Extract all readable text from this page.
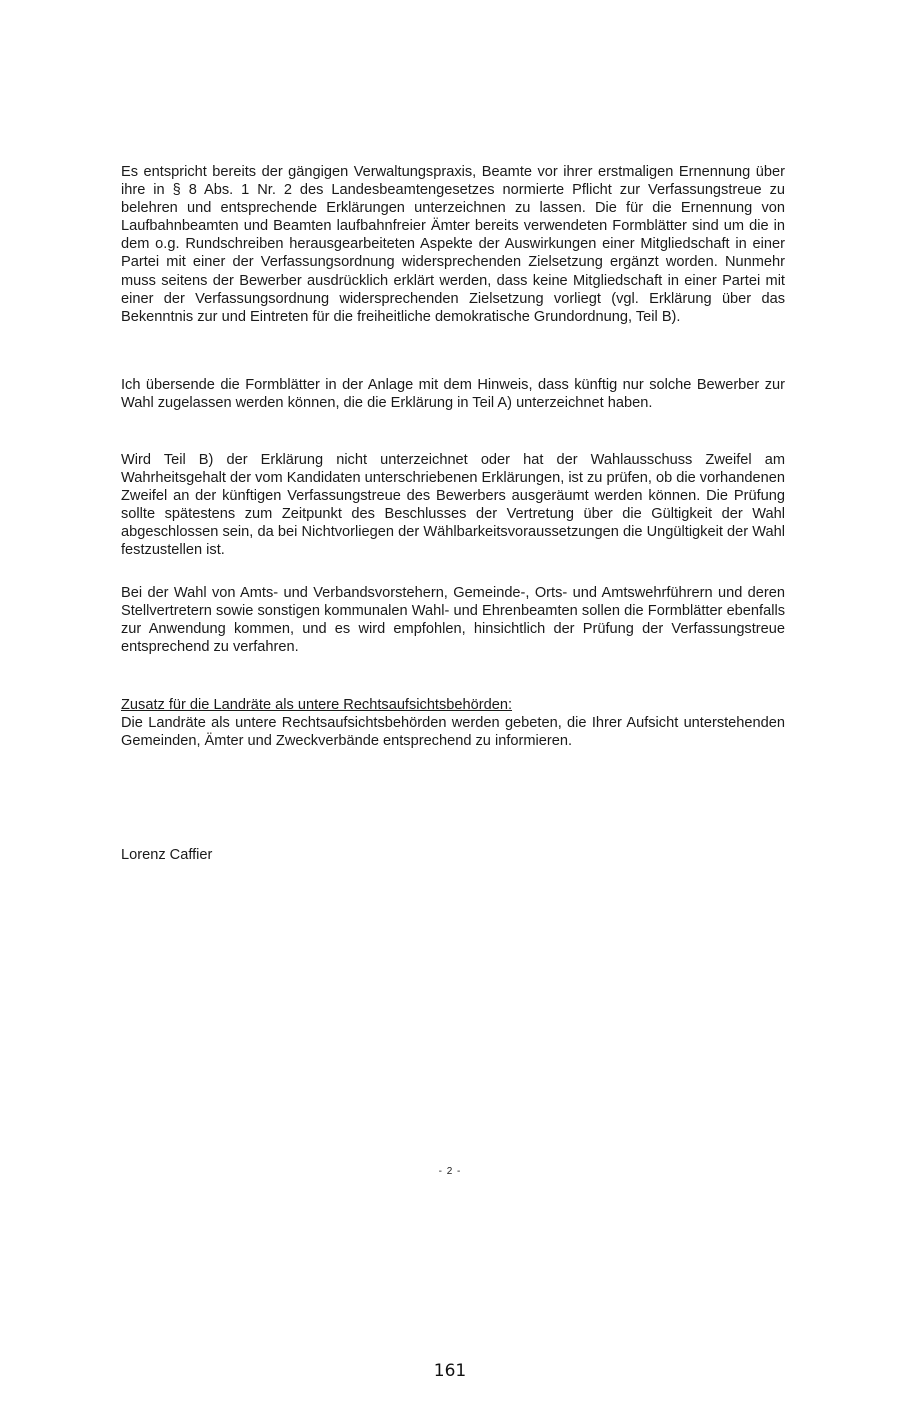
Es entspricht bereits der gängigen Verwaltungspraxis, Beamte vor ihrer erstmaligen Ernennung über ihre in § 8 Abs. 1 Nr. 2 des Landesbeamtengesetzes normierte Pflicht zur Verfassungstreue zu belehren und entsprechende Erklärungen unterzeichnen zu lassen. Die für die Ernennung von Laufbahnbeamten und Beamten laufbahnfreier Ämter bereits verwendeten Formblätter sind um die in dem o.g. Rundschreiben herausgearbeiteten Aspekte der Auswirkungen einer Mitgliedschaft in einer Partei mit einer der Verfassungsordnung widersprechenden Zielsetzung ergänzt worden. Nunmehr muss seitens der Bewerber ausdrücklich erklärt werden, dass keine Mitgliedschaft in einer Partei mit einer der Verfassungsordnung widersprechenden Zielsetzung vorliegt (vgl. Erklärung über das Bekenntnis zur und Eintreten für die freiheitliche demokratische Grundordnung, Teil B).

Ich übersende die Formblätter in der Anlage mit dem Hinweis, dass künftig nur solche Bewerber zur Wahl zugelassen werden können, die die Erklärung in Teil A) unterzeichnet haben.

Wird Teil B) der Erklärung nicht unterzeichnet oder hat der Wahlausschuss Zweifel am Wahrheitsgehalt der vom Kandidaten unterschriebenen Erklärungen, ist zu prüfen, ob die vorhandenen Zweifel an der künftigen Verfassungstreue des Bewerbers ausgeräumt werden können. Die Prüfung sollte spätestens zum Zeitpunkt des Beschlusses der Vertretung über die Gültigkeit der Wahl abgeschlossen sein, da bei Nichtvorliegen der Wählbarkeitsvoraussetzungen die Ungültigkeit der Wahl festzustellen ist.

Bei der Wahl von Amts- und Verbandsvorstehern, Gemeinde-, Orts- und Amtswehrführern und deren Stellvertretern sowie sonstigen kommunalen Wahl- und Ehrenbeamten sollen die Formblätter ebenfalls zur Anwendung kommen, und es wird empfohlen, hinsichtlich der Prüfung der Verfassungstreue entsprechend zu verfahren.

Zusatz für die Landräte als untere Rechtsaufsichtsbehörden:

Die Landräte als untere Rechtsaufsichtsbehörden werden gebeten, die Ihrer Aufsicht unterstehenden Gemeinden, Ämter und Zweckverbände entsprechend zu informieren.

Lorenz Caffier

- 2 -
161
